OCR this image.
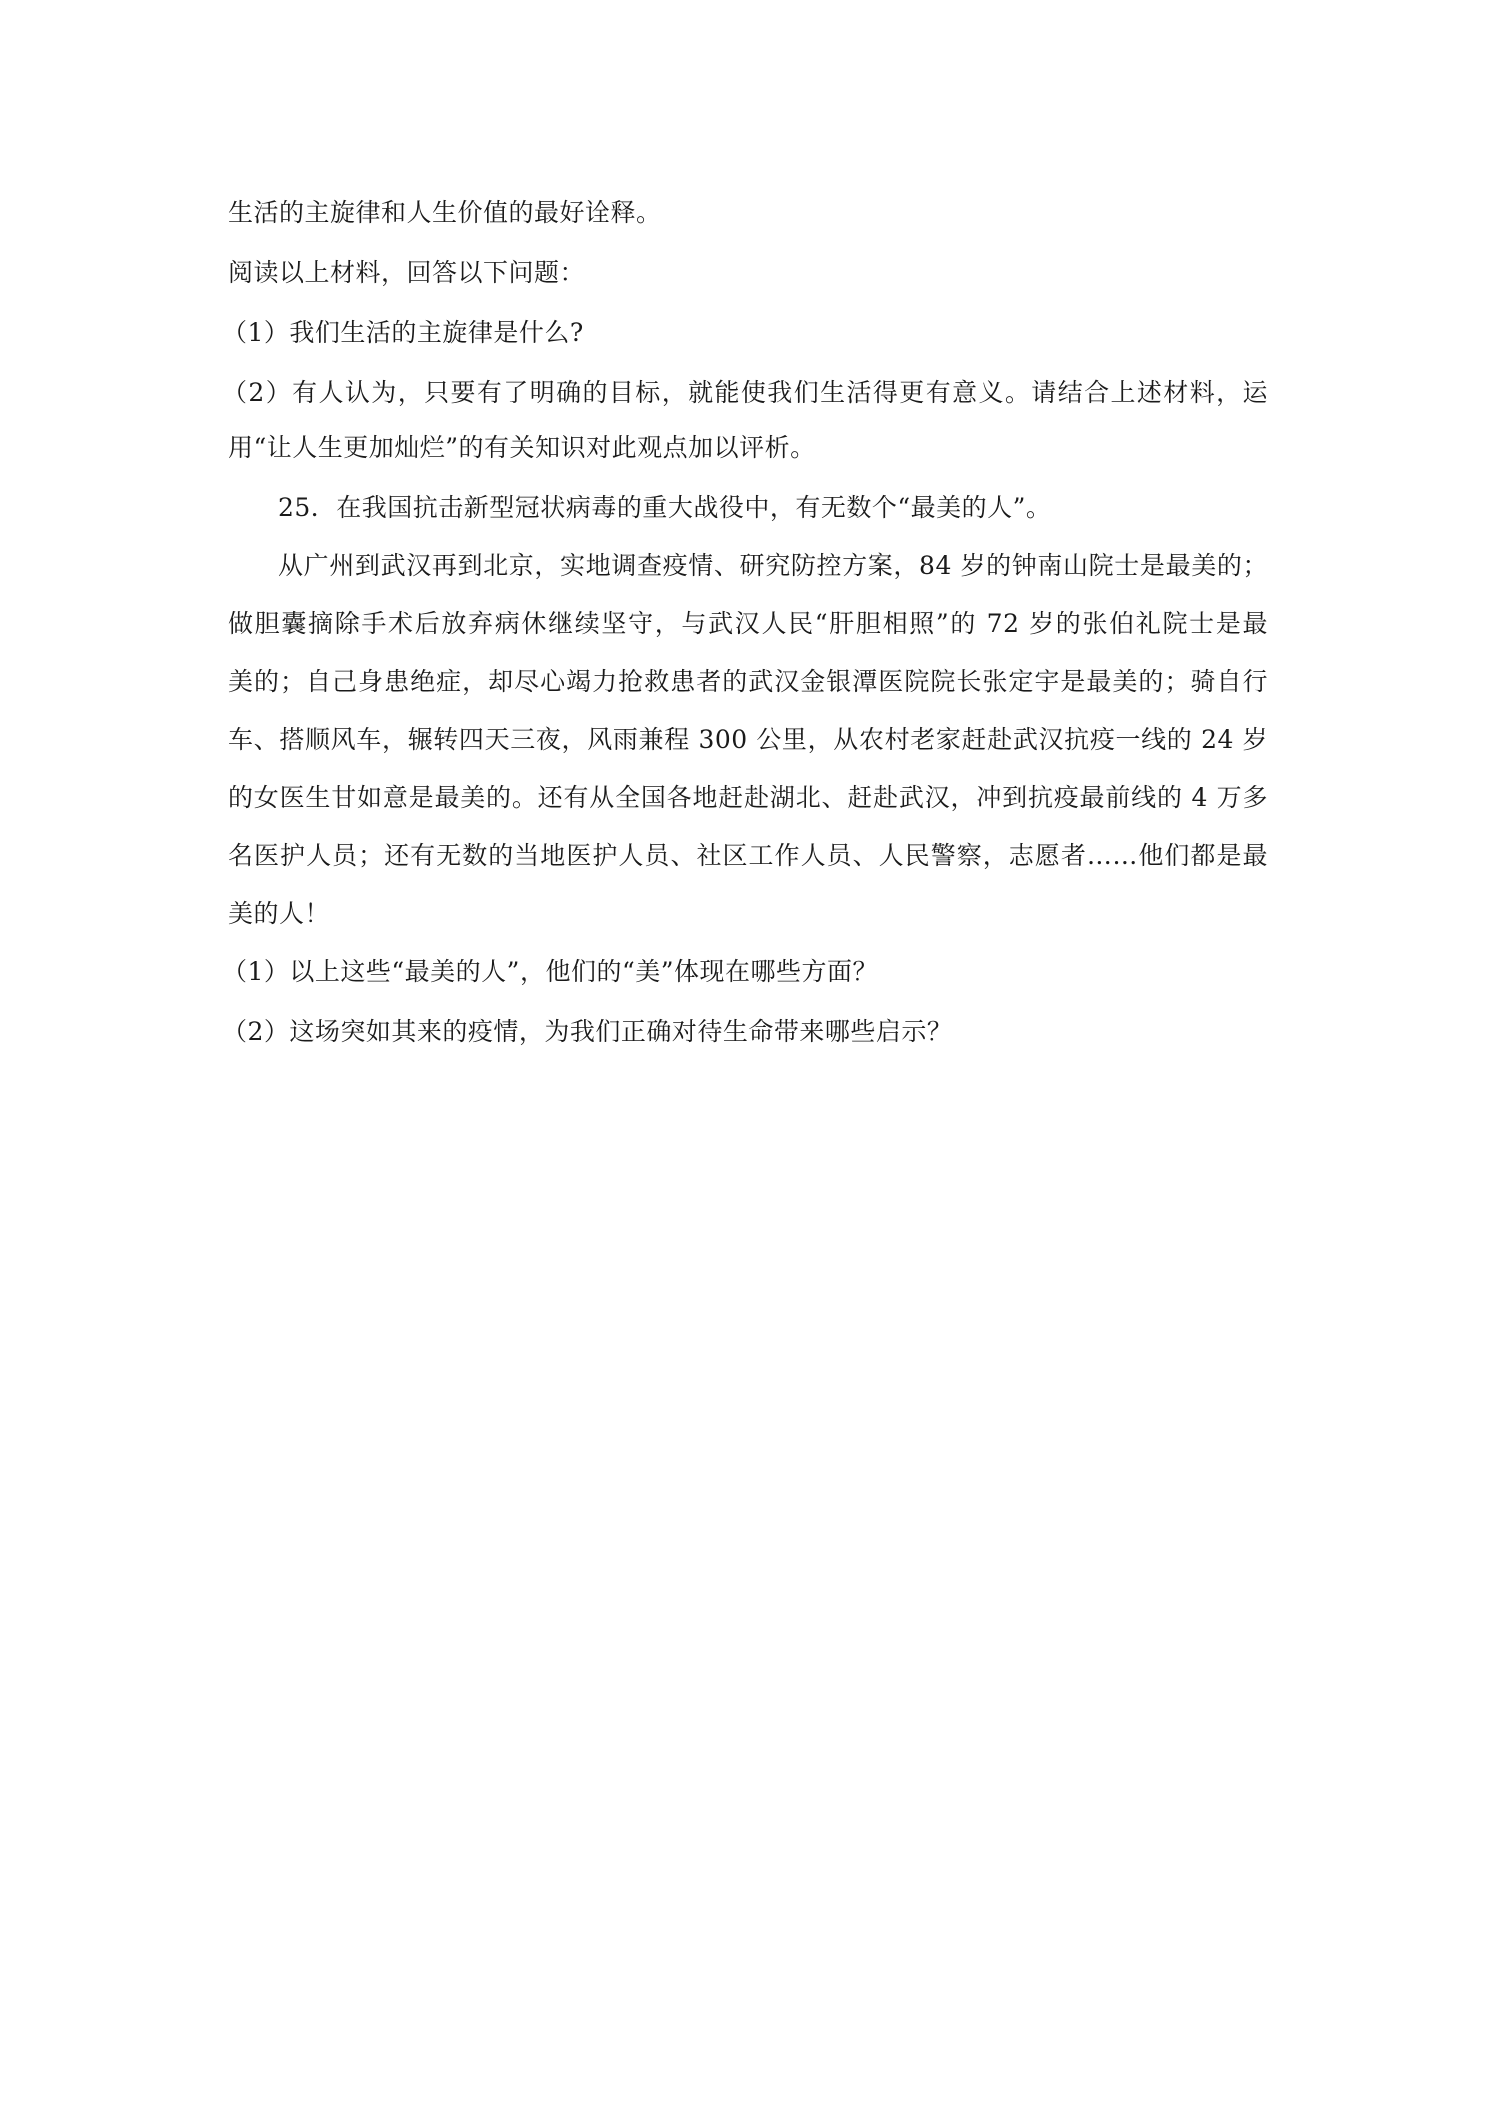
生活的主旋律和人生价值的最好诠释。
阅读以上材料，回答以下问题：
（1）我们生活的主旋律是什么?
（2）有人认为，只要有了明确的目标，就能使我们生活得更有意义。请结合上述材料，运
用“让人生更加灿烂”的有关知识对此观点加以评析。
25．在我国抗击新型冠状病毒的重大战役中，有无数个“最美的人”。
从广州到武汉再到北京，实地调查疫情、研究防控方案，84 岁的钟南山院士是最美的；
做胆囊摘除手术后放弃病休继续坚守，与武汉人民“肝胆相照”的 72 岁的张伯礼院士是最
美的；自己身患绝症，却尽心竭力抢救患者的武汉金银潭医院院长张定宇是最美的；骑自行
车、搭顺风车，辗转四天三夜，风雨兼程 300 公里，从农村老家赶赴武汉抗疫一线的 24 岁
的女医生甘如意是最美的。还有从全国各地赶赴湖北、赶赴武汉，冲到抗疫最前线的 4 万多
名医护人员；还有无数的当地医护人员、社区工作人员、人民警察，志愿者……他们都是最
美的人！
（1）以上这些“最美的人”，他们的“美”体现在哪些方面？
（2）这场突如其来的疫情，为我们正确对待生命带来哪些启示？
